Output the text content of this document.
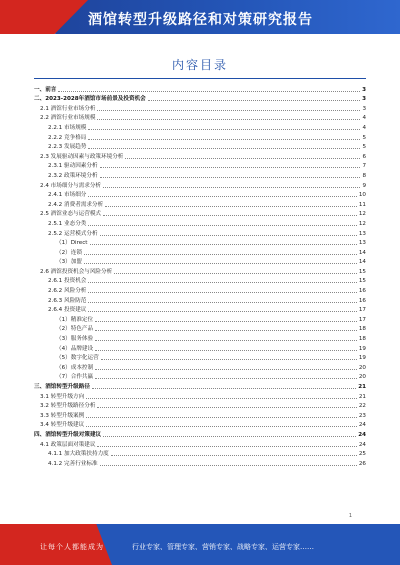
酒馆转型升级路径和对策研究报告
内容目录
一、前言	3
二、2023-2028年酒馆市场前景及投资机会	3
2.1 酒馆行业市场分析	3
2.2 酒馆行业市场规模	4
2.2.1 市场规模	4
2.2.2 竞争格局	5
2.2.3 发展趋势	5
2.3 发展驱动因素与政策环境分析	6
2.3.1 驱动因素分析	7
2.3.2 政策环境分析	8
2.4 市场细分与需求分析	9
2.4.1 市场细分	10
2.4.2 消费者需求分析	11
2.5 酒馆业态与运营模式	12
2.5.1 业态分类	12
2.5.2 运营模式分析	13
（1）Direct	13
（2）连锁	14
（3）加盟	14
2.6 酒馆投资机会与风险分析	15
2.6.1 投资机会	15
2.6.2 风险分析	16
2.6.3 风险防范	16
2.6.4 投资建议	17
（1）精准定位	17
（2）特色产品	18
（3）服务体验	18
（4）品牌建设	19
（5）数字化运营	19
（6）成本控制	20
（7）合作共赢	20
三、酒馆转型升级路径	21
3.1 转型升级方向	21
3.2 转型升级路径分析	22
3.3 转型升级案例	23
3.4 转型升级建议	24
四、酒馆转型升级对策建议	24
4.1 政策层面对策建议	24
4.1.1 加大政策扶持力度	25
4.1.2 完善行业标准	26
1
让每个人都能成为	行业专家、管理专家、营销专家、战略专家、运营专家……
